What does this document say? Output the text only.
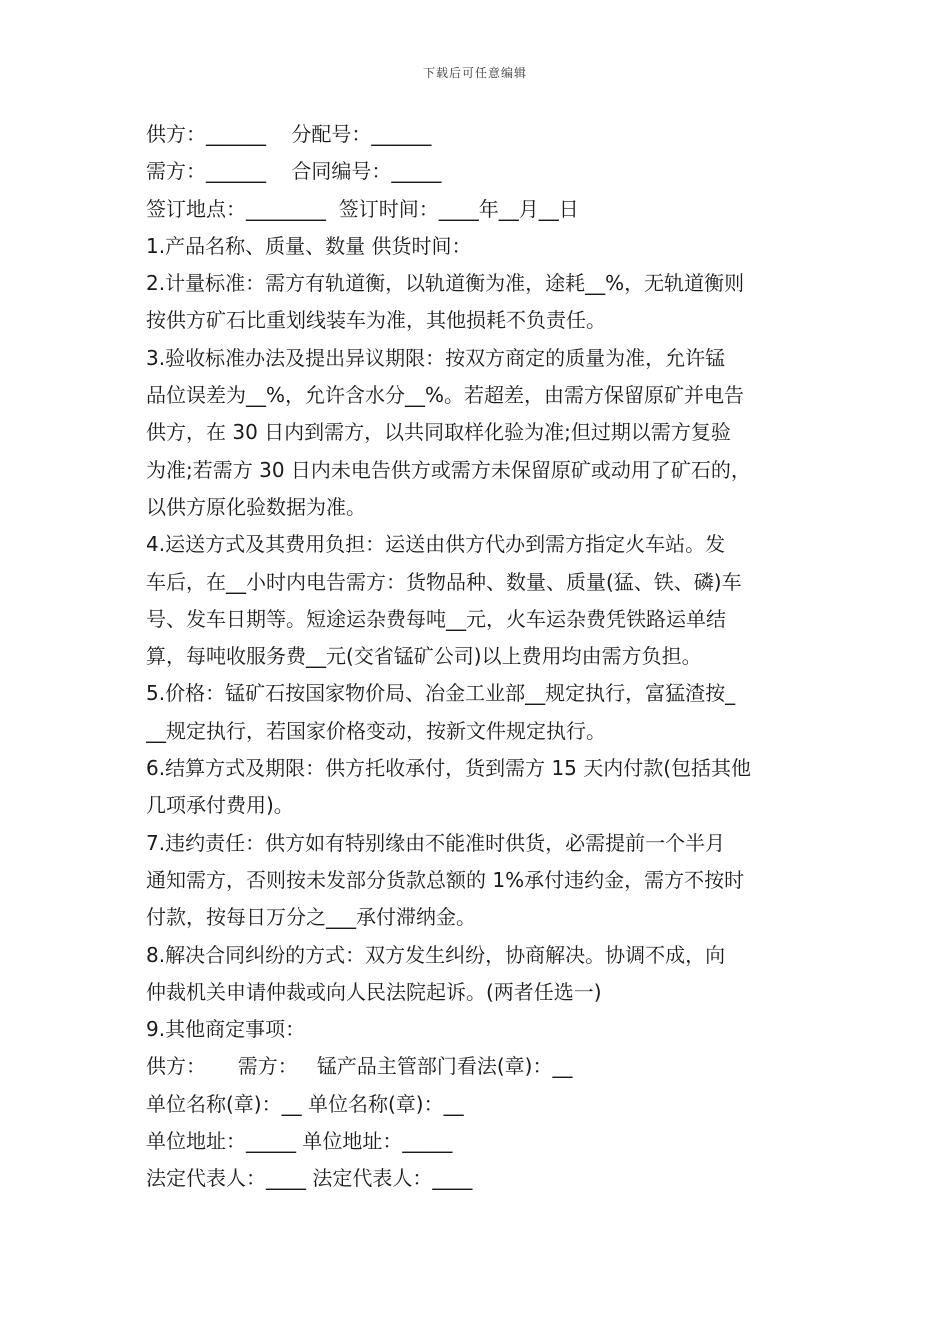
下载后可任意编辑
供方：______    分配号：______
需方：______    合同编号：_____
签订地点：________  签订时间：____年__月__日
1.产品名称、质量、数量 供货时间：
2.计量标准：需方有轨道衡，以轨道衡为准，途耗__%，无轨道衡则
按供方矿石比重划线装车为准，其他损耗不负责任。
3.验收标准办法及提出异议期限：按双方商定的质量为准，允许锰
品位误差为__%，允许含水分__%。若超差，由需方保留原矿并电告
供方，在 30 日内到需方，以共同取样化验为准;但过期以需方复验
为准;若需方 30 日内未电告供方或需方未保留原矿或动用了矿石的，
以供方原化验数据为准。
4.运送方式及其费用负担：运送由供方代办到需方指定火车站。发
车后，在__小时内电告需方：货物品种、数量、质量(猛、铁、磷)车
号、发车日期等。短途运杂费每吨__元，火车运杂费凭铁路运单结
算，每吨收服务费__元(交省锰矿公司)以上费用均由需方负担。
5.价格：锰矿石按国家物价局、冶金工业部__规定执行，富猛渣按_
__规定执行，若国家价格变动，按新文件规定执行。
6.结算方式及期限：供方托收承付，货到需方 15 天内付款(包括其他
几项承付费用)。
7.违约责任：供方如有特别缘由不能准时供货，必需提前一个半月
通知需方，否则按未发部分货款总额的 1%承付违约金，需方不按时
付款，按每日万分之___承付滞纳金。
8.解决合同纠纷的方式：双方发生纠纷，协商解决。协调不成，向
仲裁机关申请仲裁或向人民法院起诉。(两者任选一)
9.其他商定事项：
供方：     需方：   锰产品主管部门看法(章)：__
单位名称(章)：__ 单位名称(章)：__
单位地址：_____ 单位地址：_____
法定代表人：____ 法定代表人：____
